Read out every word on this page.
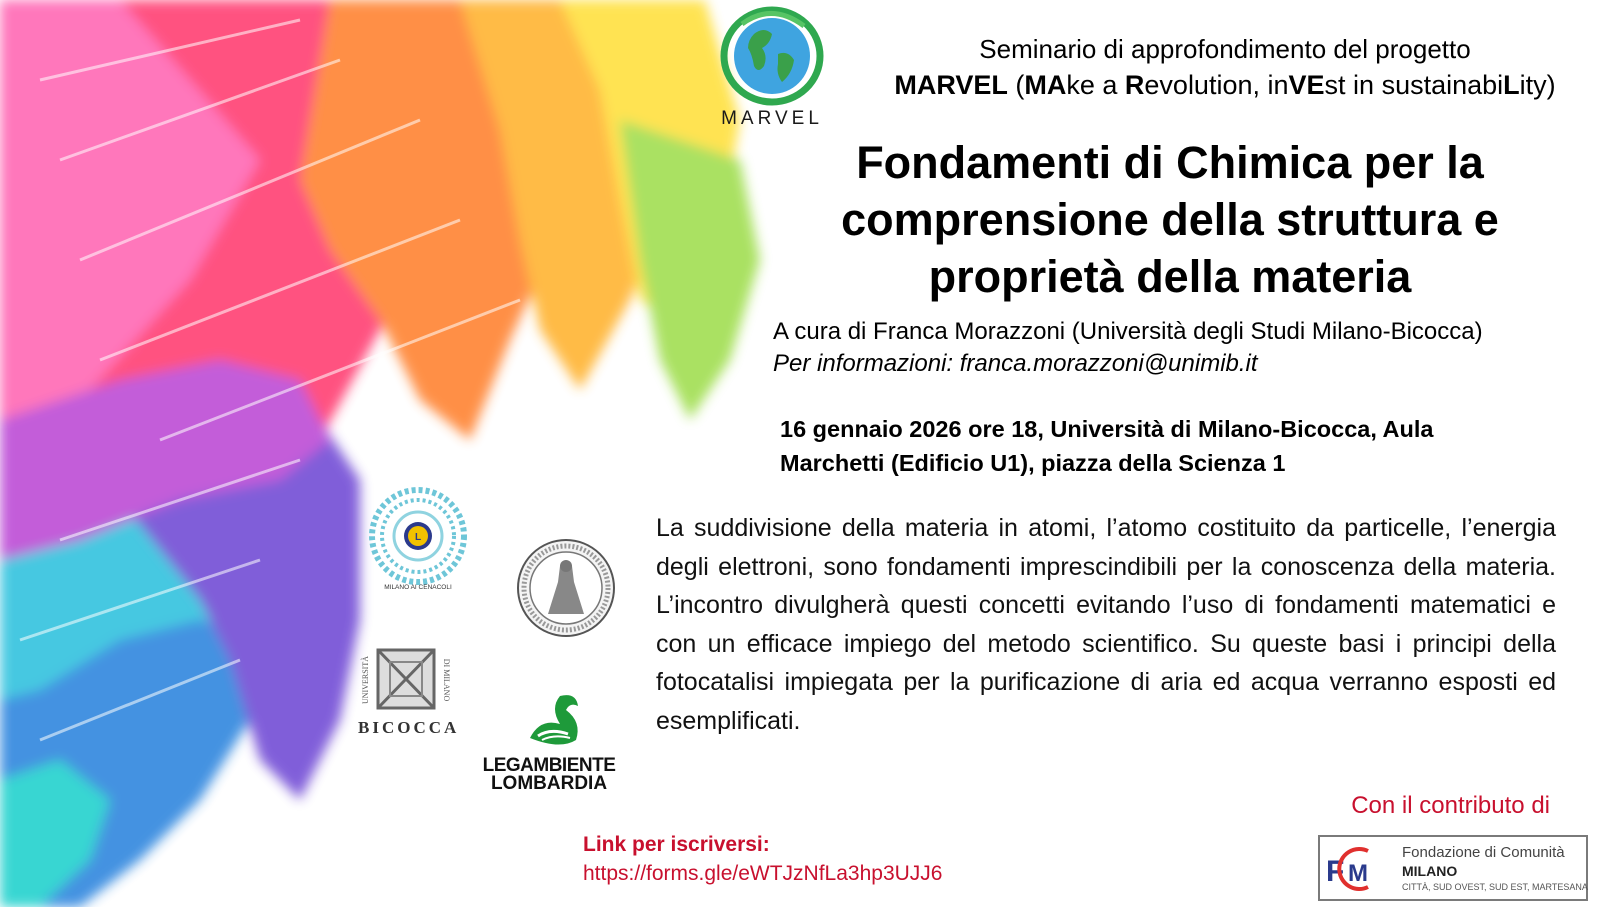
MARVEL
Seminario di approfondimento del progetto
MARVEL (MAke a Revolution, inVEst in sustainabiLity)
Fondamenti di Chimica per la
comprensione della struttura e
proprietà della materia
A cura di Franca Morazzoni (Università degli Studi Milano-Bicocca)
Per informazioni: franca.morazzoni@unimib.it
16 gennaio 2026 ore 18, Università di Milano-Bicocca, Aula
Marchetti (Edificio U1), piazza della Scienza 1
La suddivisione della materia in atomi, l’atomo costituito da particelle, l’energia degli elettroni, sono fondamenti imprescindibili per la conoscenza della materia. L’incontro divulgherà questi concetti evitando l’uso di fondamenti matematici e con un efficace impiego del metodo scientifico. Su queste basi i principi della fotocatalisi impiegata per la purificazione di aria ed acqua verranno esposti ed esemplificati.
L
MILANO AI CENACOLI
UNIVERSITÀ	DI MILANO
BICOCCA
LEGAMBIENTE
LOMBARDIA
Con il contributo di
Link per iscriversi:
https://forms.gle/eWTJzNfLa3hp3UJJ6	F M
Fondazione di Comunità
MILANO
CITTÀ, SUD OVEST, SUD EST, MARTESANA
